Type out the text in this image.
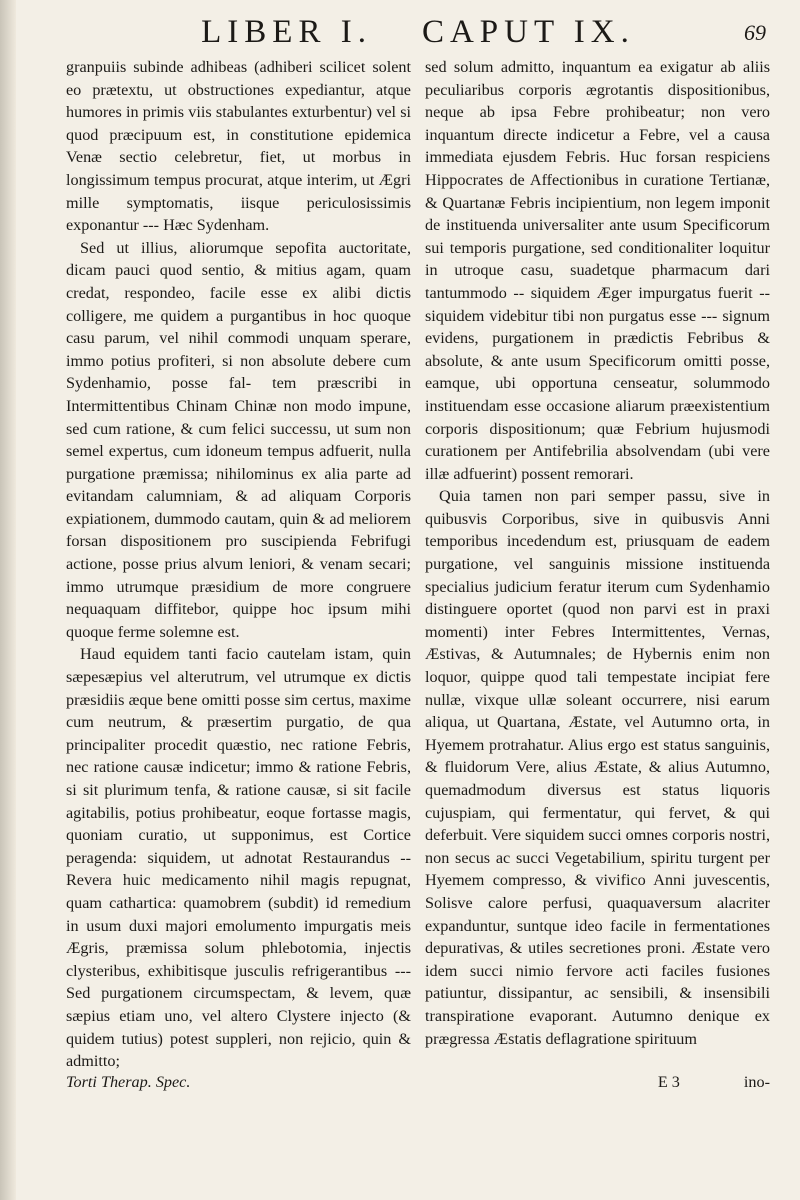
LIBER I. CAPUT IX.	69

granpuiis subinde adhibeas (adhiberi scilicet solent eo prætextu, ut obstructiones expediantur, atque humores in primis viis stabulantes exturbentur) vel si quod præcipuum est, in constitutione epidemica Venæ sectio celebretur, fiet, ut morbus in longissimum tempus procurat, atque interim, ut Ægri mille symptomatis, iisque periculosissimis exponantur --- Hæc Sydenham.

Sed ut illius, aliorumque sepofita auctoritate, dicam pauci quod sentio, & mitius agam, quam credat, respondeo, facile esse ex alibi dictis colligere, me quidem a purgantibus in hoc quoque casu parum, vel nihil commodi unquam sperare, immo potius profiteri, si non absolute debere cum Sydenhamio, posse fal- tem præscribi in Intermittentibus Chinam Chinæ non modo impune, sed cum ratione, & cum felici successu, ut sum non semel expertus, cum idoneum tempus adfuerit, nulla purgatione præmissa; nihilominus ex alia parte ad evitandam calumniam, & ad aliquam Corporis expiationem, dummodo cautam, quin & ad meliorem forsan dispositionem pro suscipienda Febrifugi actione, posse prius alvum leniori, & venam secari; immo utrumque præsidium de more congruere nequaquam diffitebor, quippe hoc ipsum mihi quoque ferme solemne est.

Haud equidem tanti facio cautelam istam, quin sæpesæpius vel alterutrum, vel utrumque ex dictis præsidiis æque bene omitti posse sim certus, maxime cum neutrum, & præsertim purgatio, de qua principaliter procedit quæstio, nec ratione Febris, nec ratione causæ indicetur; immo & ratione Febris, si sit plurimum tenfa, & ratione causæ, si sit facile agitabilis, potius prohibeatur, eoque fortasse magis, quoniam curatio, ut supponimus, est Cortice peragenda: siquidem, ut adnotat Restaurandus -- Revera huic medicamento nihil magis repugnat, quam cathartica: quamobrem (subdit) id remedium in usum duxi majori emolumento impurgatis meis Ægris, præmissa solum phlebotomia, injectis clysteribus, exhibitisque jusculis refrigerantibus --- Sed purgationem circumspectam, & levem, quæ sæpius etiam uno, vel altero Clystere injecto (& quidem tutius) potest suppleri, non rejicio, quin & admitto;

sed solum admitto, inquantum ea exigatur ab aliis peculiaribus corporis ægrotantis dispositionibus, neque ab ipsa Febre prohibeatur; non vero inquantum directe indicetur a Febre, vel a causa immediata ejusdem Febris. Huc forsan respiciens Hippocrates de Affectionibus in curatione Tertianæ, & Quartanæ Febris incipientium, non legem imponit de instituenda universaliter ante usum Specificorum sui temporis purgatione, sed conditionaliter loquitur in utroque casu, suadetque pharmacum dari tantummodo -- siquidem Æger impurgatus fuerit -- siquidem videbitur tibi non purgatus esse --- signum evidens, purgationem in prædictis Febribus & absolute, & ante usum Specificorum omitti posse, eamque, ubi opportuna censeatur, solummodo instituendam esse occasione aliarum præexistentium corporis dispositionum; quæ Febrium hujusmodi curationem per Antifebrilia absolvendam (ubi vere illæ adfuerint) possent remorari.

Quia tamen non pari semper passu, sive in quibusvis Corporibus, sive in quibusvis Anni temporibus incedendum est, priusquam de eadem purgatione, vel sanguinis missione instituenda specialius judicium feratur iterum cum Sydenhamio distinguere oportet (quod non parvi est in praxi momenti) inter Febres Intermittentes, Vernas, Æstivas, & Autumnales; de Hybernis enim non loquor, quippe quod tali tempestate incipiat fere nullæ, vixque ullæ soleant occurrere, nisi earum aliqua, ut Quartana, Æstate, vel Autumno orta, in Hyemem protrahatur. Alius ergo est status sanguinis, & fluidorum Vere, alius Æstate, & alius Autumno, quemadmodum diversus est status liquoris cujuspiam, qui fermentatur, qui fervet, & qui deferbuit. Vere siquidem succi omnes corporis nostri, non secus ac succi Vegetabilium, spiritu turgent per Hyemem compresso, & vivifico Anni juvescentis, Solisve calore perfusi, quaquaversum alacriter expanduntur, suntque ideo facile in fermentationes depurativas, & utiles secretiones proni. Æstate vero idem succi nimio fervore acti faciles fusiones patiuntur, dissipantur, ac sensibili, & insensibili transpiratione evaporant. Autumno denique ex prægressa Æstatis deflagratione spirituum

Torti Therap. Spec.	E 3	ino-
